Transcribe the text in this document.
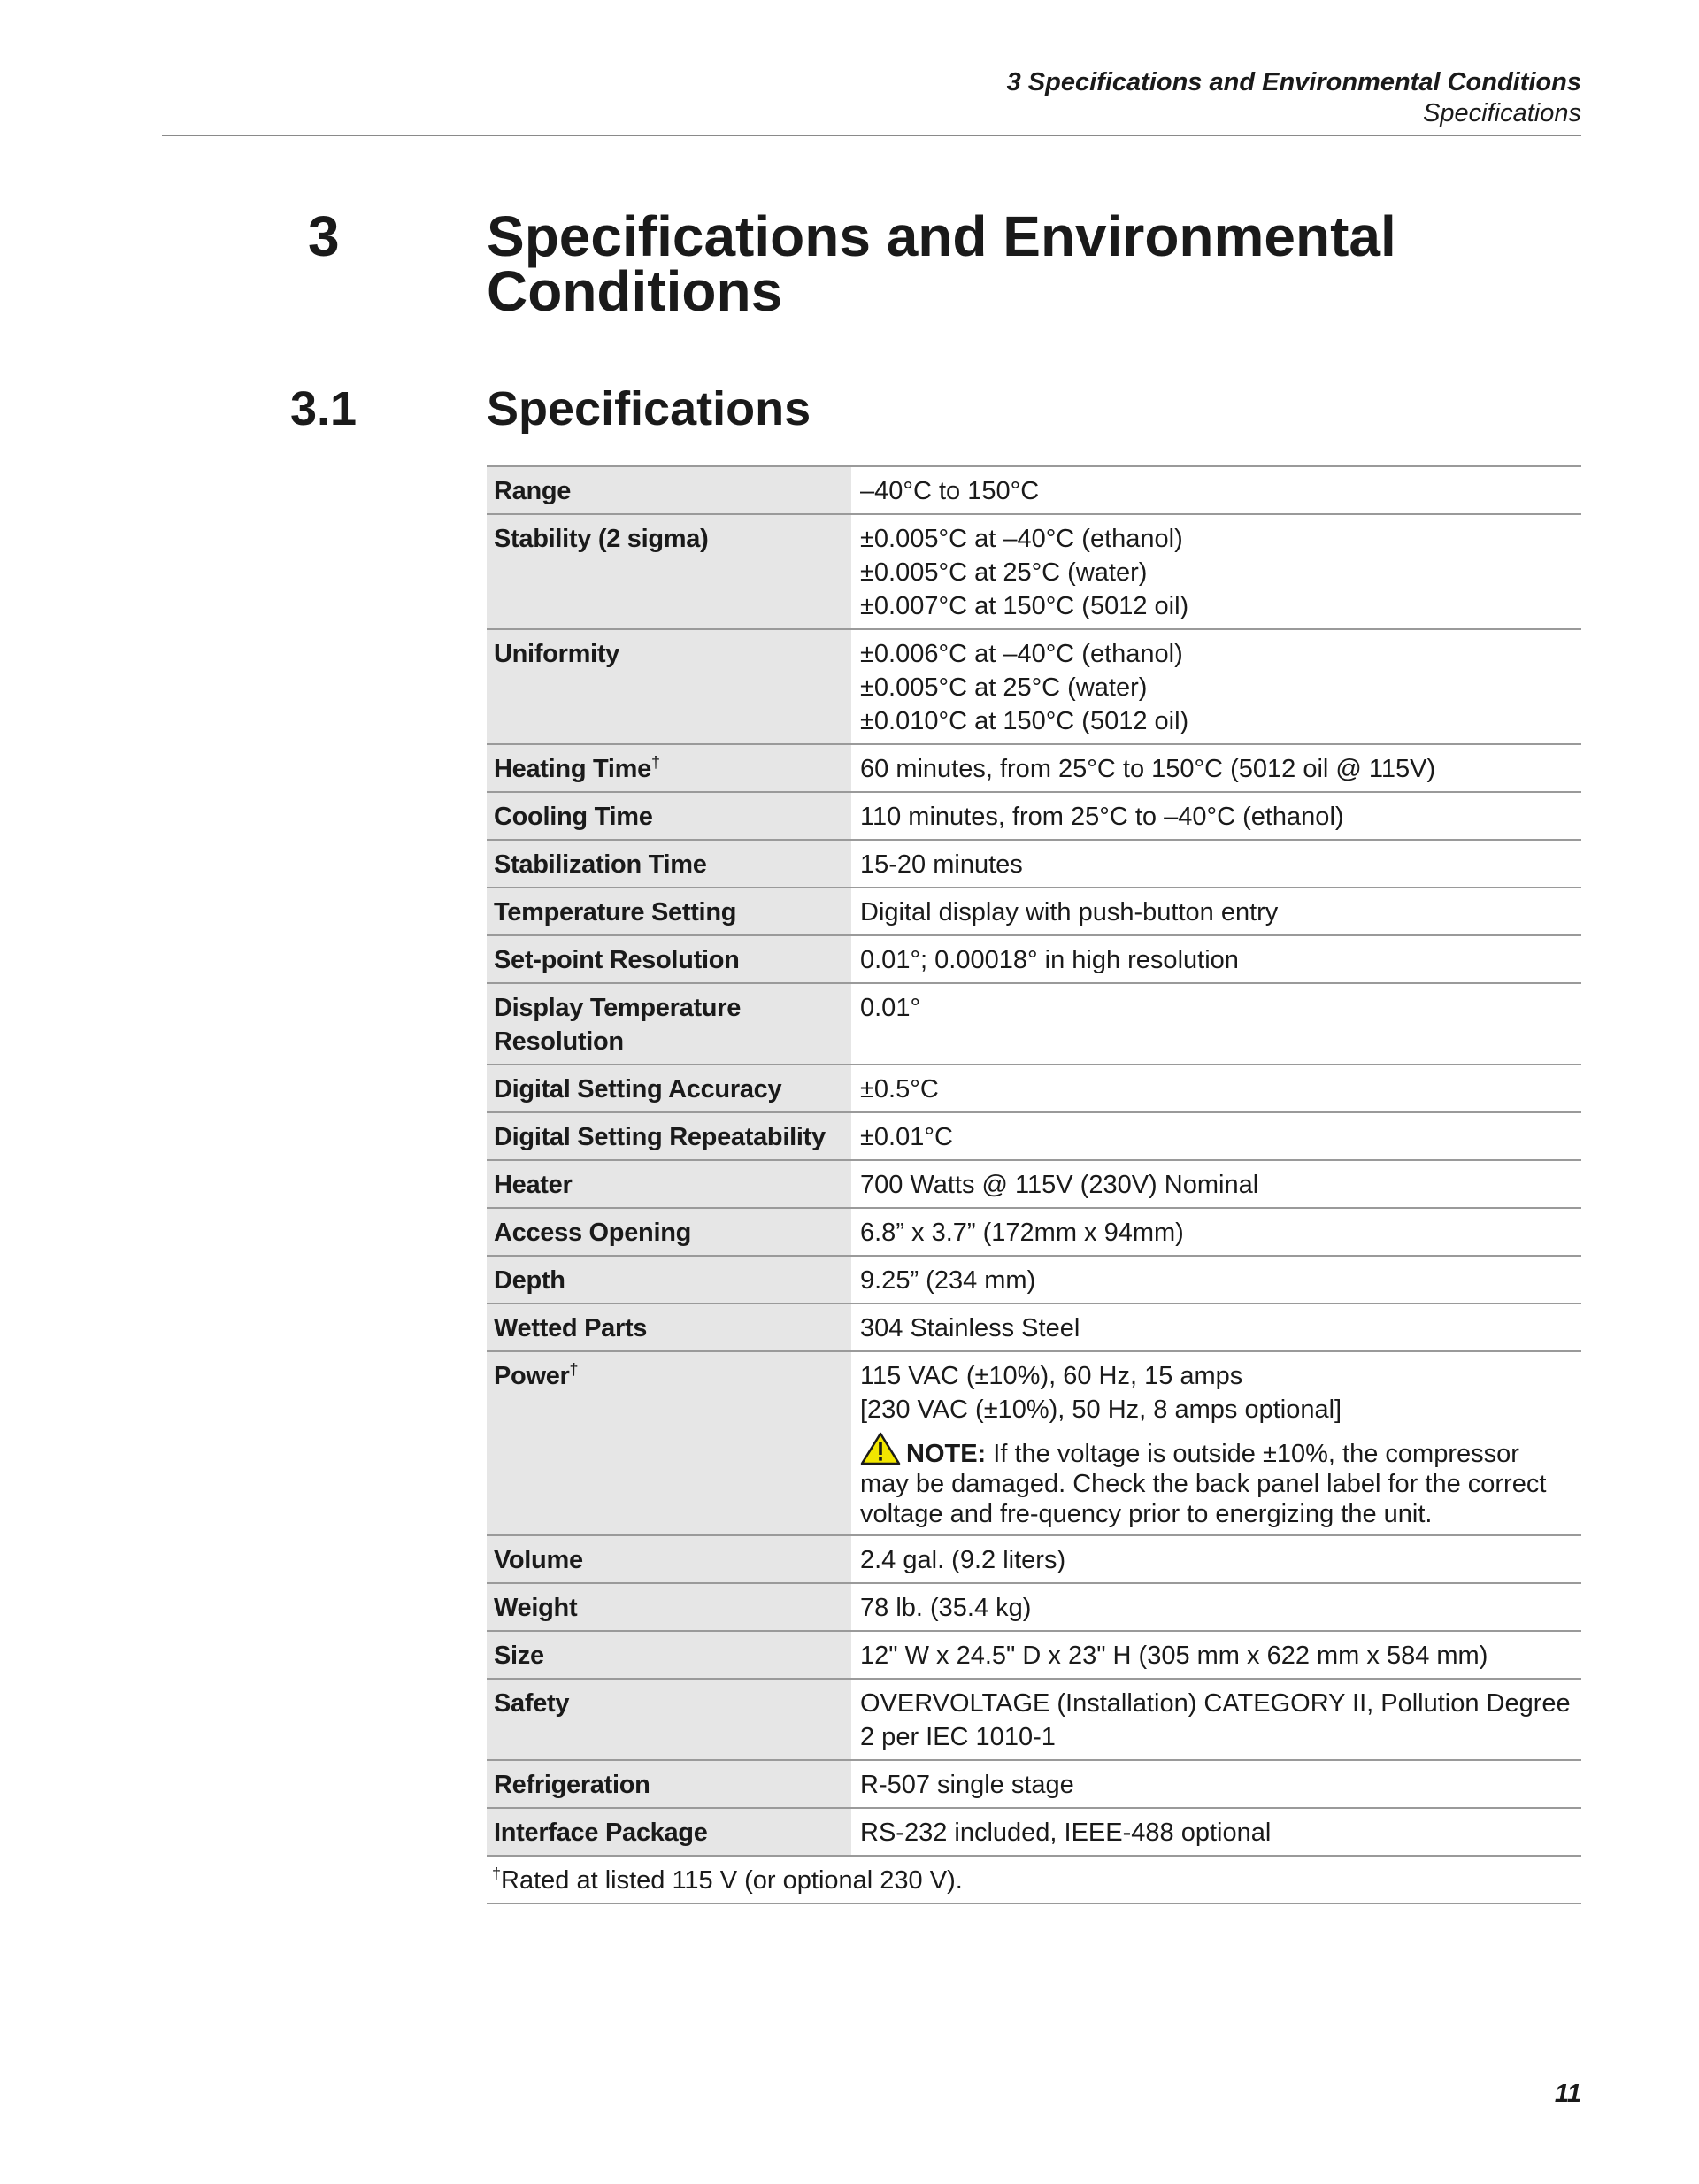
3 Specifications and Environmental Conditions
Specifications
3	Specifications and Environmental Conditions
3.1	Specifications
Range	–40°C to 150°C
Stability (2 sigma)	±0.005°C at –40°C (ethanol)
±0.005°C at 25°C (water)
±0.007°C at 150°C (5012 oil)

Uniformity	±0.006°C at –40°C (ethanol)
±0.005°C at 25°C (water)
±0.010°C at 150°C (5012 oil)

Heating Time†	60 minutes, from 25°C to 150°C (5012 oil @ 115V)
Cooling Time	110 minutes, from 25°C to –40°C (ethanol)
Stabilization Time	15-20 minutes
Temperature Setting	Digital display with push-button entry
Set-point Resolution	0.01°; 0.00018° in high resolution
Display Temperature Resolution	0.01°
Digital Setting Accuracy	±0.5°C
Digital Setting Repeatability	±0.01°C
Heater	700 Watts @ 115V (230V) Nominal
Access Opening	6.8” x 3.7” (172mm x 94mm)
Depth	9.25” (234 mm)
Wetted Parts	304 Stainless Steel
Power†	115 VAC (±10%), 60 Hz, 15 amps
[230 VAC (±10%), 50 Hz, 8 amps optional]
NOTE: If the voltage is outside ±10%, the compressor may be damaged. Check the back panel label for the correct voltage and fre-quency prior to energizing the unit.

Volume	2.4 gal. (9.2 liters)
Weight	78 lb. (35.4 kg)
Size	12" W x 24.5" D x 23" H (305 mm x 622 mm x 584 mm)
Safety	OVERVOLTAGE (Installation) CATEGORY II, Pollution Degree 2 per IEC 1010-1
Refrigeration	R-507 single stage
Interface Package	RS-232 included, IEEE-488 optional
†Rated at listed 115 V (or optional 230 V).	
11
